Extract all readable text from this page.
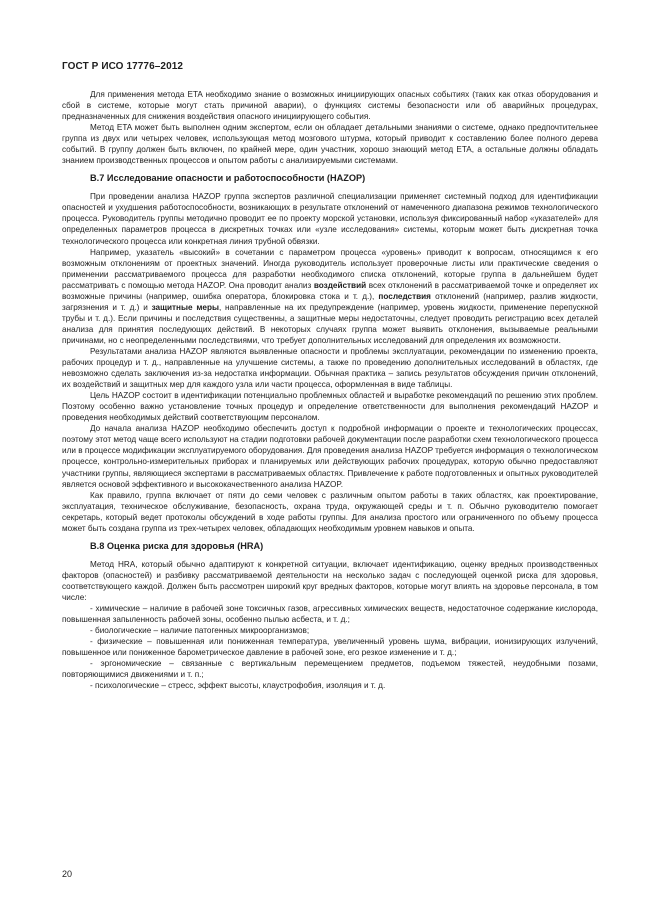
ГОСТ Р ИСО 17776–2012

Для применения метода ETA необходимо знание о возможных инициирующих опасных событиях (таких как отказ оборудования и сбой в системе, которые могут стать причиной аварии), о функциях системы безопасности или об аварийных процедурах, предназначенных для снижения воздействия опасного инициирующего события.

Метод ETA может быть выполнен одним экспертом, если он обладает детальными знаниями о системе, однако предпочтительнее группа из двух или четырех человек, использующая метод мозгового штурма, который приводит к составлению более полного дерева событий. В группу должен быть включен, по крайней мере, один участник, хорошо знающий метод ETA, а остальные должны обладать знанием производственных процессов и опытом работы с анализируемыми системами.

B.7 Исследование опасности и работоспособности (HAZOP)

При проведении анализа HAZOP группа экспертов различной специализации применяет системный подход для идентификации опасностей и ухудшения работоспособности, возникающих в результате отклонений от намеченного диапазона режимов технологического процесса. Руководитель группы методично проводит ее по проекту морской установки, используя фиксированный набор «указателей» для определенных параметров процесса в дискретных точках или «узле исследования» системы, которым может быть дискретная точка технологического процесса или конкретная линия трубной обвязки.

Например, указатель «высокий» в сочетании с параметром процесса «уровень» приводит к вопросам, относящимся к его возможным отклонениям от проектных значений. Иногда руководитель использует проверочные листы или практические сведения о применении рассматриваемого процесса для разработки необходимого списка отклонений, которые группа в дальнейшем будет рассматривать с помощью метода HAZOP. Она проводит анализ воздействий всех отклонений в рассматриваемой точке и определяет их возможные причины (например, ошибка оператора, блокировка стока и т. д.), последствия отклонений (например, разлив жидкости, загрязнения и т. д.) и защитные меры, направленные на их предупреждение (например, уровень жидкости, применение перепускной трубы и т. д.). Если причины и последствия существенны, а защитные меры недостаточны, следует проводить регистрацию всех деталей анализа для принятия последующих действий. В некоторых случаях группа может выявить отклонения, вызываемые реальными причинами, но с неопределенными последствиями, что требует дополнительных исследований для определения их возможности.

Результатами анализа HAZOP являются выявленные опасности и проблемы эксплуатации, рекомендации по изменению проекта, рабочих процедур и т. д., направленные на улучшение системы, а также по проведению дополнительных исследований в областях, где невозможно сделать заключения из-за недостатка информации. Обычная практика – запись результатов обсуждения причин отклонений, их воздействий и защитных мер для каждого узла или части процесса, оформленная в виде таблицы.

Цель HAZOP состоит в идентификации потенциально проблемных областей и выработке рекомендаций по решению этих проблем. Поэтому особенно важно установление точных процедур и определение ответственности для выполнения рекомендаций HAZOP и проведения необходимых действий соответствующим персоналом.

До начала анализа HAZOP необходимо обеспечить доступ к подробной информации о проекте и технологических процессах, поэтому этот метод чаще всего используют на стадии подготовки рабочей документации после разработки схем технологического процесса или в процессе модификации эксплуатируемого оборудования. Для проведения анализа HAZOP требуется информация о технологическом процессе, контрольно-измерительных приборах и планируемых или действующих рабочих процедурах, которую обычно предоставляют участники группы, являющиеся экспертами в рассматриваемых областях. Привлечение к работе подготовленных и опытных руководителей является основой эффективного и высококачественного анализа HAZOP.

Как правило, группа включает от пяти до семи человек с различным опытом работы в таких областях, как проектирование, эксплуатация, техническое обслуживание, безопасность, охрана труда, окружающей среды и т. п. Обычно руководителю помогает секретарь, который ведет протоколы обсуждений в ходе работы группы. Для анализа простого или ограниченного по объему процесса может быть создана группа из трех-четырех человек, обладающих необходимым уровнем навыков и опыта.

B.8 Оценка риска для здоровья (HRA)

Метод HRA, который обычно адаптируют к конкретной ситуации, включает идентификацию, оценку вредных производственных факторов (опасностей) и разбивку рассматриваемой деятельности на несколько задач с последующей оценкой риска для здоровья, соответствующего каждой. Должен быть рассмотрен широкий круг вредных факторов, которые могут влиять на здоровье персонала, в том числе:

- химические – наличие в рабочей зоне токсичных газов, агрессивных химических веществ, недостаточное содержание кислорода, повышенная запыленность рабочей зоны, особенно пылью асбеста, и т. д.;

- биологические – наличие патогенных микроорганизмов;

- физические – повышенная или пониженная температура, увеличенный уровень шума, вибрации, ионизирующих излучений, повышенное или пониженное барометрическое давление в рабочей зоне, его резкое изменение и т. д.;

- эргономические – связанные с вертикальным перемещением предметов, подъемом тяжестей, неудобными позами, повторяющимися движениями и т. п.;

- психологические – стресс, эффект высоты, клаустрофобия, изоляция и т. д.

20
